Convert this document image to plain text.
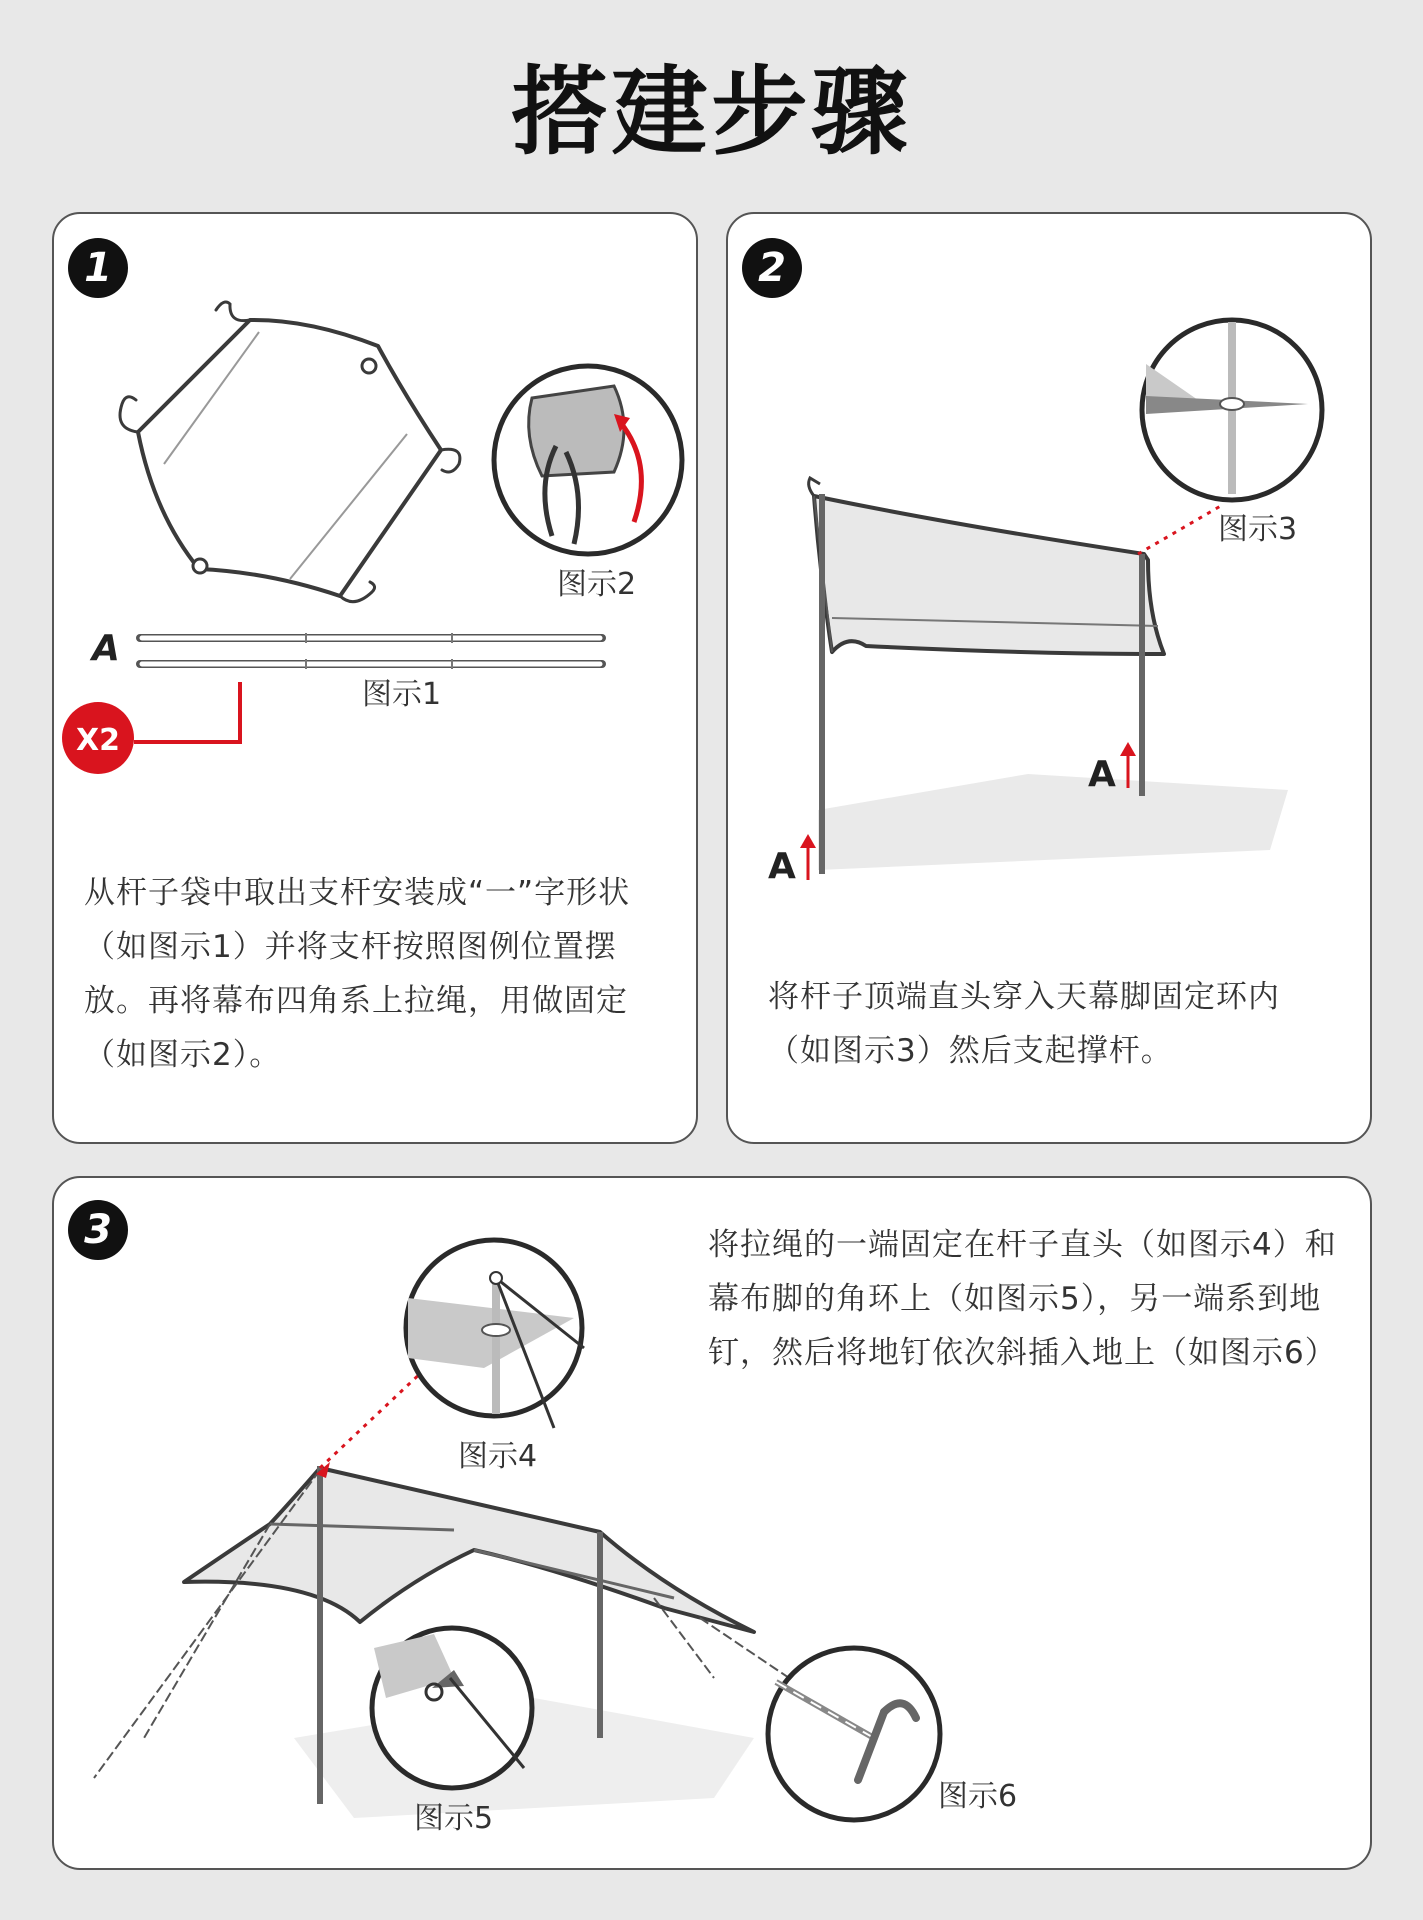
搭建步骤
1
A
X2
图示2
图示1
从杆子袋中取出支杆安装成“一”字形状（如图示1）并将支杆按照图例位置摆放。再将幕布四角系上拉绳，用做固定（如图示2）。
2
A
A
图示3
将杆子顶端直头穿入天幕脚固定环内（如图示3）然后支起撑杆。
3
图示4
图示5
图示6
将拉绳的一端固定在杆子直头（如图示4）和幕布脚的角环上（如图示5），另一端系到地钉，然后将地钉依次斜插入地上（如图示6）
